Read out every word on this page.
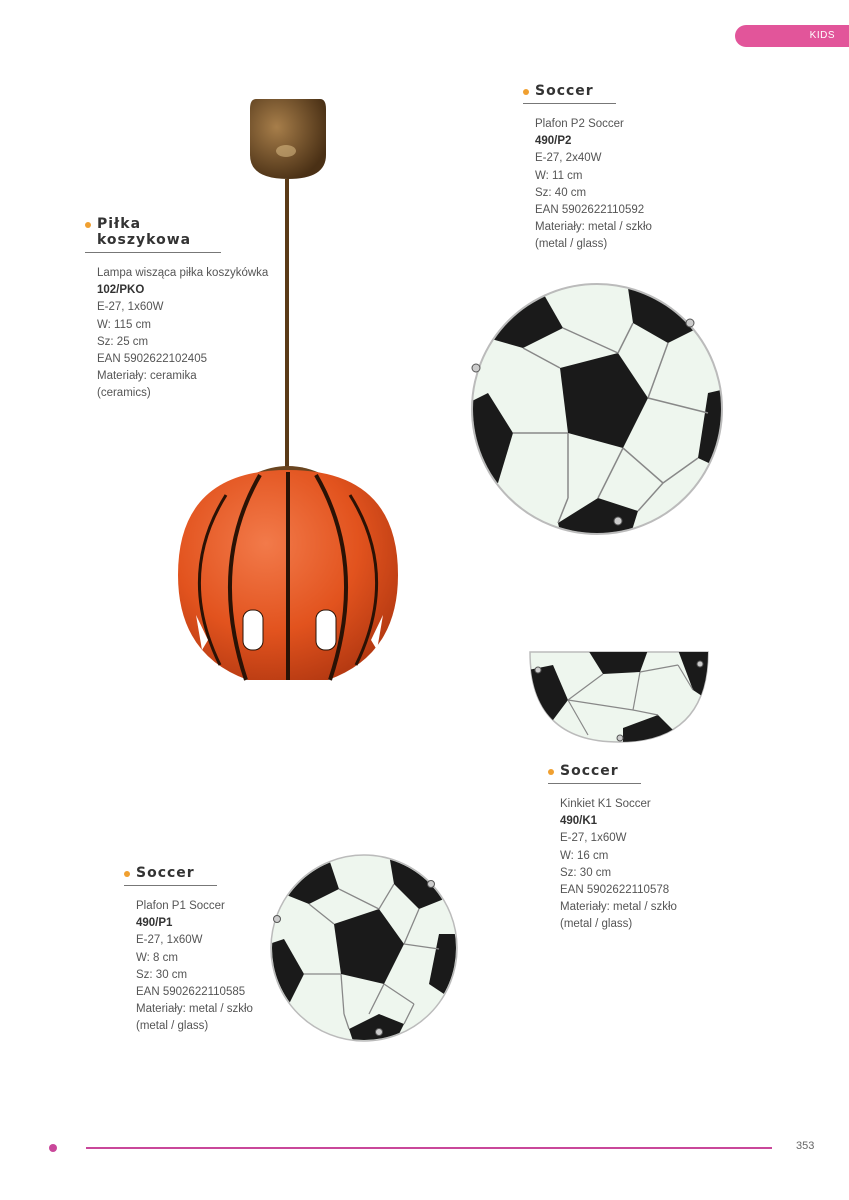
KIDS
Piłka koszykowa
Lampa wisząca piłka koszykówka
102/PKO
E-27, 1x60W
W: 115 cm
Sz: 25 cm
EAN 5902622102405
Materiały: ceramika
(ceramics)
Soccer
Plafon P2 Soccer
490/P2
E-27, 2x40W
W: 11 cm
Sz: 40 cm
EAN 5902622110592
Materiały: metal / szkło
(metal / glass)
Soccer
Kinkiet K1 Soccer
490/K1
E-27, 1x60W
W: 16 cm
Sz: 30 cm
EAN 5902622110578
Materiały: metal / szkło
(metal / glass)
Soccer
Plafon P1 Soccer
490/P1
E-27, 1x60W
W: 8 cm
Sz: 30 cm
EAN 5902622110585
Materiały: metal / szkło
(metal / glass)
353
